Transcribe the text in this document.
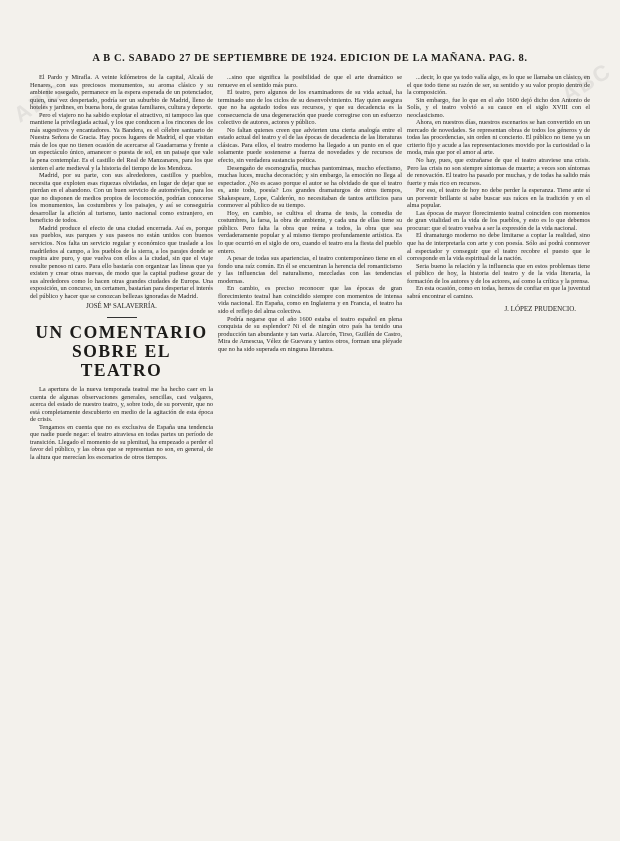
A B C. SABADO 27 DE SEPTIEMBRE DE 1924. EDICION DE LA MAÑANA. PAG. 8.
ABC	ABC

El Pardo y Mirafla. A veinte kilómetros de la capital, Alcalá de Henares, con sus preciosos monumentos, su aroma clásico y su ambiente sosegado, permanece en la espera esperada de un potenciador, quien, una vez despertado, podría ser un suburbio de Madrid, lleno de hoteles y jardines, en buena hora, de gratas familiares, cultura y deporte.

Pero el viajero no ha sabido explotar el atractivo, ni tampoco las que mantiene la privilegiada actual, y los que conducen a los rincones de los más sugestivos y encantadores. Ya Bandera, es el célebre santuario de Nuestra Señora de Gracia. Hay pocos lugares de Madrid, el que visitan más de los que no tienen ocasión de acercarse al Guadarrama y frente a un espectáculo único, amanecer o puesta de sol, en un paisaje que vale la pena contemplar. Es el castillo del Real de Manzanares, para los que sienten el arte medieval y la historia del tiempo de los Mendoza.

Madrid, por su parte, con sus alrededores, castillos y pueblos, necesita que exploten esas riquezas olvidadas, en lugar de dejar que se pierdan en el abandono. Con un buen servicio de automóviles, para los que no disponen de medios propios de locomoción, podrían conocerse los monumentos, las costumbres y los paisajes, y así se conseguiría desarrollar la afición al turismo, tanto nacional como extranjero, en beneficio de todos.

Madrid produce el efecto de una ciudad encerrada. Así es, porque sus pueblos, sus parques y sus paseos no están unidos con buenos servicios. Nos falta un servicio regular y económico que traslade a los madrileños al campo, a los pueblos de la sierra, a los parajes donde se respira aire puro, y que vuelva con ellos a la ciudad, sin que el viaje resulte penoso ni caro. Para ello bastaría con organizar las líneas que ya existen y crear otras nuevas, de modo que la capital pudiese gozar de sus alrededores como lo hacen otras grandes ciudades de Europa. Una exposición, un concurso, un certamen, bastarían para despertar el interés del público y hacer que se conozcan bellezas ignoradas de Madrid.

JOSÉ Mª SALAVERRÍA.
UN COMENTARIO SOBRE EL TEATRO

La apertura de la nueva temporada teatral me ha hecho caer en la cuenta de algunas observaciones generales, sencillas, casi vulgares, acerca del estado de nuestro teatro, y, sobre todo, de su porvenir, que no está completamente descubierto en medio de la agitación de esta época de crisis.

Tengamos en cuenta que no es exclusiva de España una tendencia que nadie puede negar: el teatro atraviesa en todas partes un período de transición. Llegado el momento de su plenitud, ha empezado a perder el favor del público, y las obras que se representan no son, en general, de la altura que merecían los escenarios de otros tiempos.

...sino que significa la posibilidad de que el arte dramático se renueve en el sentido más puro.

El teatro, pero algunos de los examinadores de su vida actual, ha terminado uno de los ciclos de su desenvolvimiento. Hay quien asegura que no ha agotado todos sus recursos, y que su decadencia es la consecuencia de una degeneración que puede corregirse con un esfuerzo colectivo de autores, actores y público.

No faltan quienes creen que advierten una cierta analogía entre el estado actual del teatro y el de las épocas de decadencia de las literaturas clásicas. Para ellos, el teatro moderno ha llegado a un punto en el que solamente puede sostenerse a fuerza de novedades y de recursos de efecto, sin verdadera sustancia poética.

Desengaño de escenografía, muchas pantomimas, mucho efectismo, muchas luces, mucha decoración; y sin embargo, la emoción no llega al espectador. ¿No es acaso porque el autor se ha olvidado de que el teatro es, ante todo, poesía? Los grandes dramaturgos de otros tiempos, Shakespeare, Lope, Calderón, no necesitaban de tantos artificios para conmover al público de su tiempo.

Hoy, en cambio, se cultiva el drama de tesis, la comedia de costumbres, la farsa, la obra de ambiente, y cada una de ellas tiene su público. Pero falta la obra que reúna a todos, la obra que sea verdaderamente popular y al mismo tiempo profundamente artística. Es lo que ocurrió en el siglo de oro, cuando el teatro era la fiesta del pueblo entero.

A pesar de todas sus apariencias, el teatro contemporáneo tiene en el fondo una raíz común. En él se encuentran la herencia del romanticismo y las influencias del naturalismo, mezcladas con las tendencias modernas.

En cambio, es preciso reconocer que las épocas de gran florecimiento teatral han coincidido siempre con momentos de intensa vida nacional. En España, como en Inglaterra y en Francia, el teatro ha sido el reflejo del alma colectiva.

Podría negarse que el año 1600 estaba el teatro español en plena conquista de su esplendor? Ni el de ningún otro país ha tenido una producción tan abundante y tan varia. Alarcón, Tirso, Guillén de Castro, Mira de Amescua, Vélez de Guevara y tantos otros, forman una pléyade que no ha sido superada en ninguna literatura.

...decir, lo que ya todo valía algo, es lo que se llamaba un clásico, en el que todo tiene su razón de ser, su sentido y su valor propio dentro de la composición.

Sin embargo, fue lo que en el año 1600 dejó dicho don Antonio de Solís, y el teatro volvió a su cauce en el siglo XVIII con el neoclasicismo.

Ahora, en nuestros días, nuestros escenarios se han convertido en un mercado de novedades. Se representan obras de todos los géneros y de todas las procedencias, sin orden ni concierto. El público no tiene ya un criterio fijo y acude a las representaciones movido por la curiosidad o la moda, más que por el amor al arte.

No hay, pues, que extrañarse de que el teatro atraviese una crisis. Pero las crisis no son siempre síntomas de muerte; a veces son síntomas de renovación. El teatro ha pasado por muchas, y de todas ha salido más fuerte y más rico en recursos.

Por eso, el teatro de hoy no debe perder la esperanza. Tiene ante sí un porvenir brillante si sabe buscar sus raíces en la tradición y en el alma popular.

Las épocas de mayor florecimiento teatral coinciden con momentos de gran vitalidad en la vida de los pueblos, y esto es lo que debemos procurar: que el teatro vuelva a ser la expresión de la vida nacional.

El dramaturgo moderno no debe limitarse a copiar la realidad, sino que ha de interpretarla con arte y con poesía. Sólo así podrá conmover al espectador y conseguir que el teatro recobre el puesto que le corresponde en la vida espiritual de la nación.

Seria bueno la relación y la influencia que en estos problemas tiene el público de hoy, la historia del teatro y de la vida literaria, la formación de los autores y de los actores, así como la crítica y la prensa.

En esta ocasión, como en todas, hemos de confiar en que la juventud sabrá encontrar el camino.

J. LÓPEZ PRUDENCIO.
